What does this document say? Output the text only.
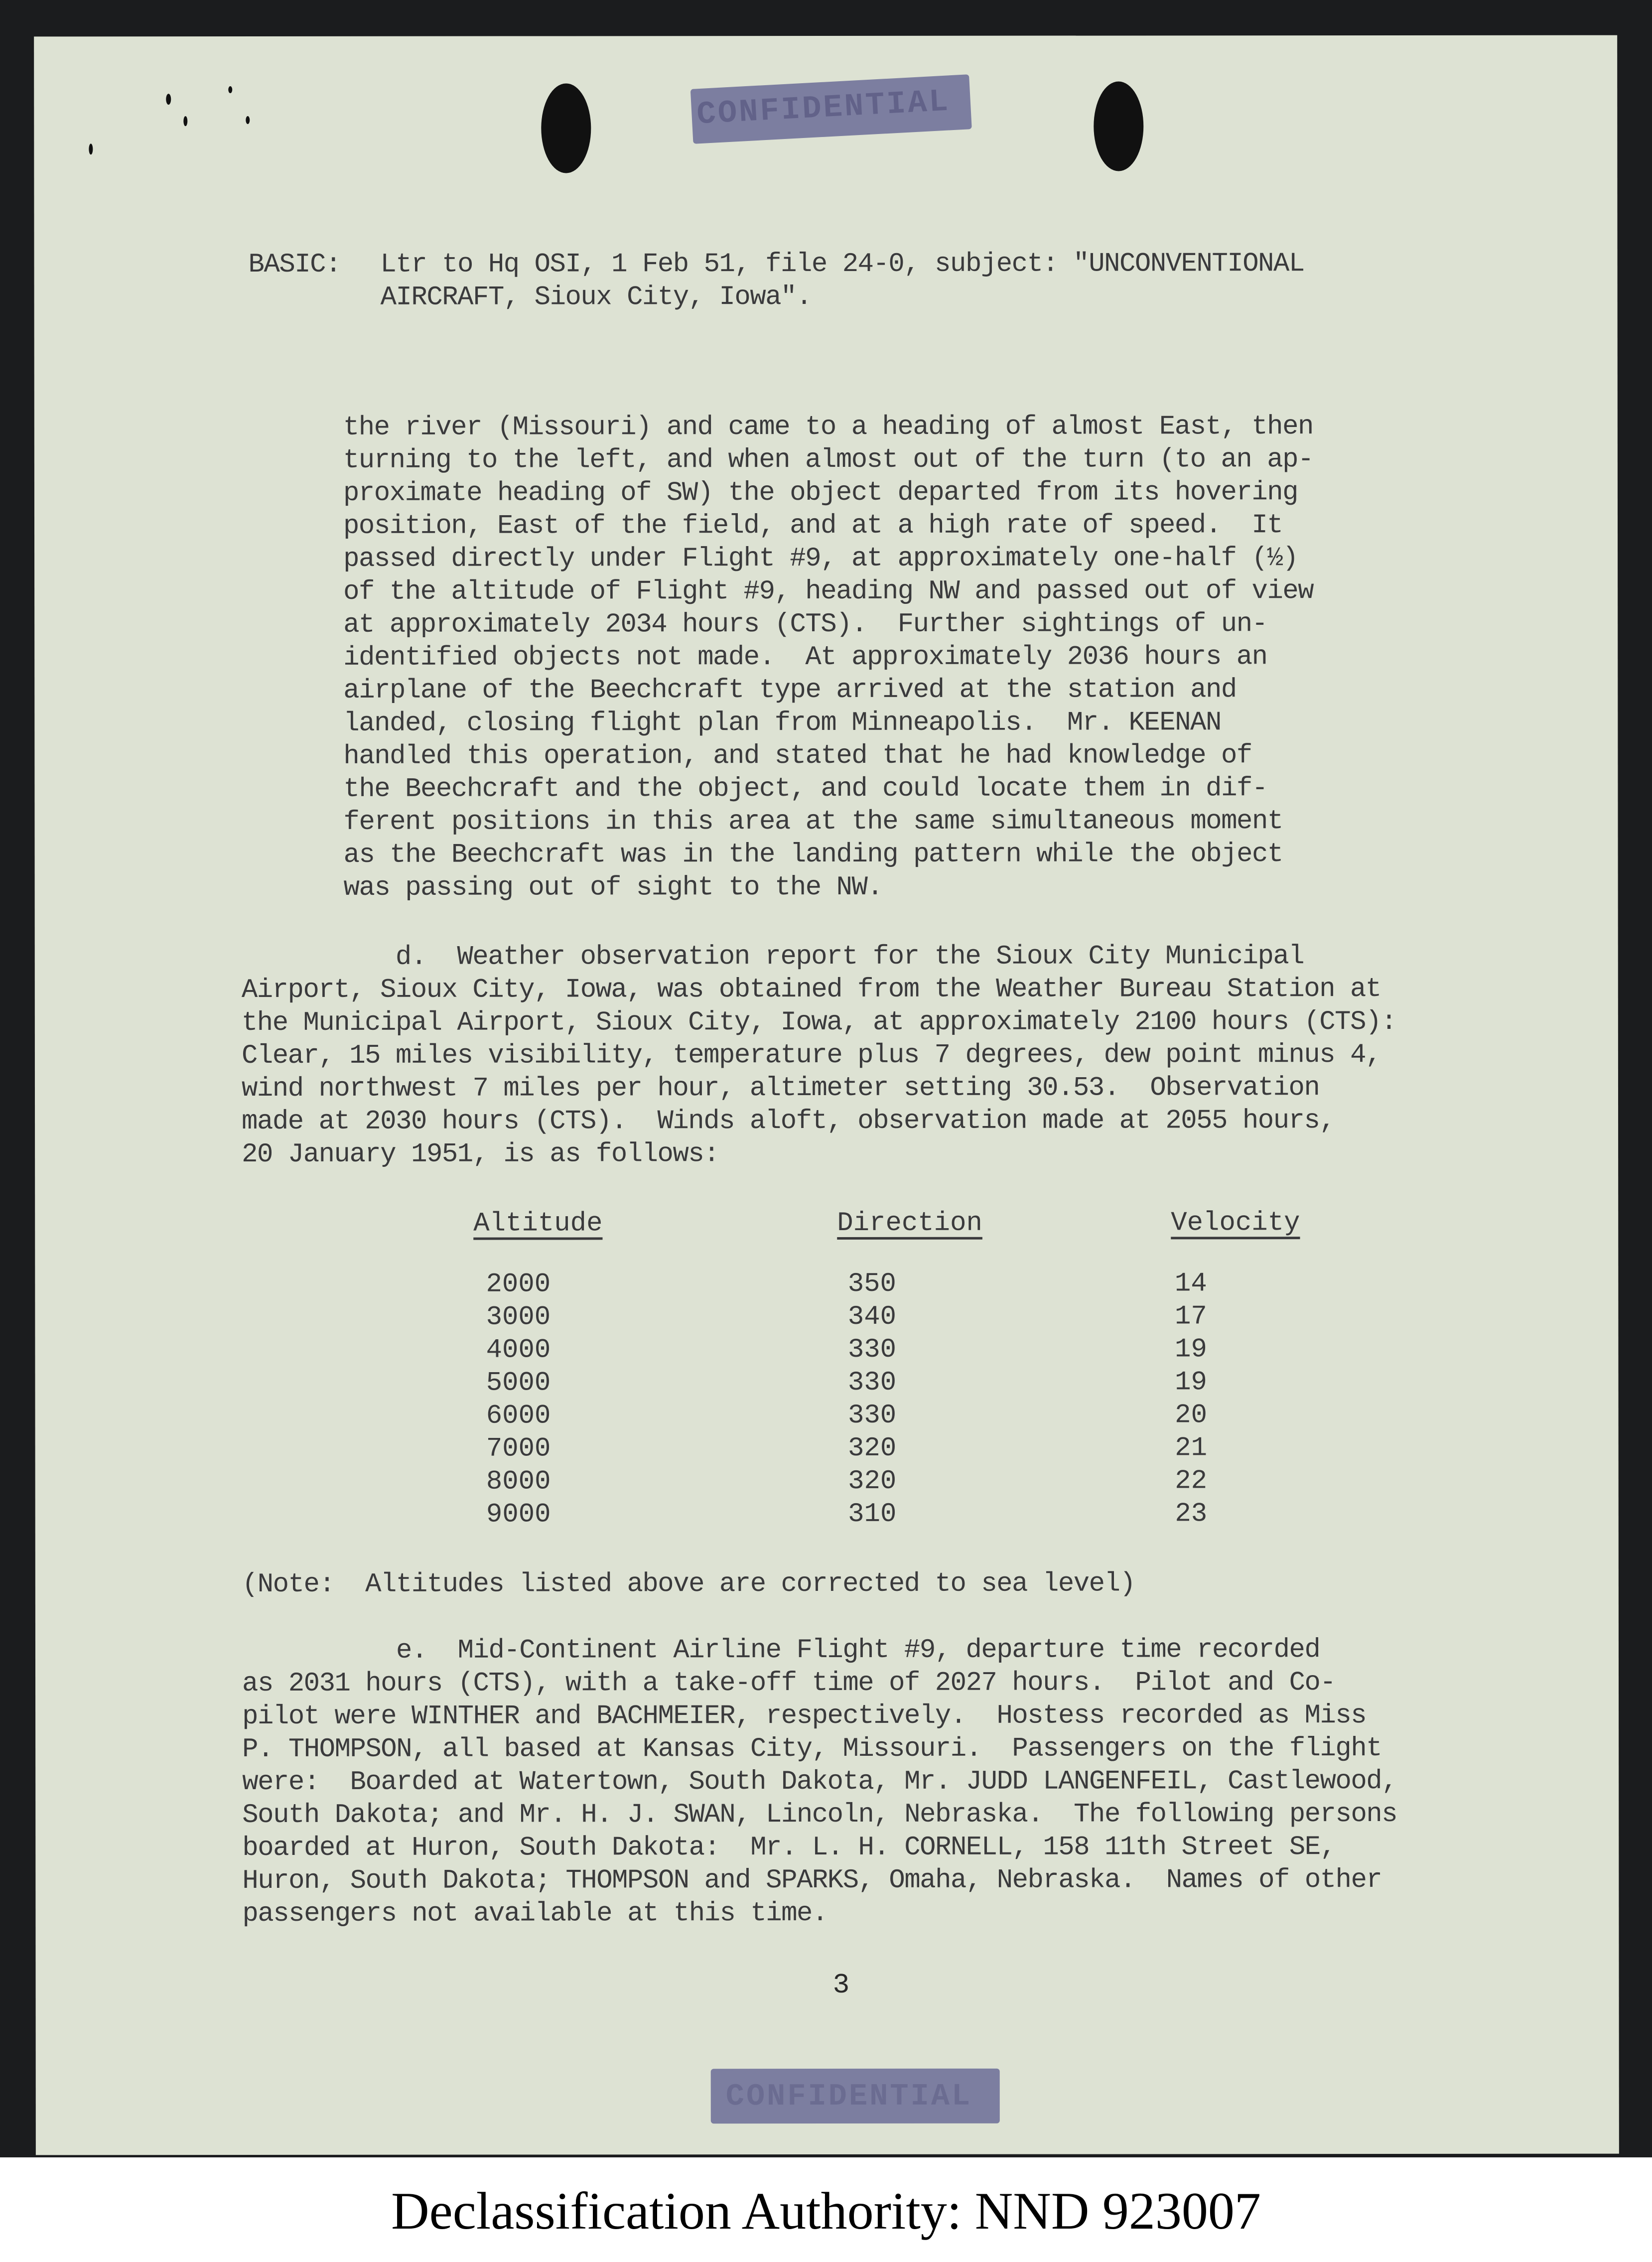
CONFIDENTIAL

BASIC:

Ltr to Hq OSI, 1 Feb 51, file 24-0, subject: "UNCONVENTIONAL

AIRCRAFT, Sioux City, Iowa".

the river (Missouri) and came to a heading of almost East, then
turning to the left, and when almost out of the turn (to an ap-
proximate heading of SW) the object departed from its hovering
position, East of the field, and at a high rate of speed.  It
passed directly under Flight #9, at approximately one-half (½)
of the altitude of Flight #9, heading NW and passed out of view
at approximately 2034 hours (CTS).  Further sightings of un-
identified objects not made.  At approximately 2036 hours an
airplane of the Beechcraft type arrived at the station and
landed, closing flight plan from Minneapolis.  Mr. KEENAN
handled this operation, and stated that he had knowledge of
the Beechcraft and the object, and could locate them in dif-
ferent positions in this area at the same simultaneous moment
as the Beechcraft was in the landing pattern while the object
was passing out of sight to the NW.
d.  Weather observation report for the Sioux City Municipal
Airport, Sioux City, Iowa, was obtained from the Weather Bureau Station at
the Municipal Airport, Sioux City, Iowa, at approximately 2100 hours (CTS):
Clear, 15 miles visibility, temperature plus 7 degrees, dew point minus 4,
wind northwest 7 miles per hour, altimeter setting 30.53.  Observation
made at 2030 hours (CTS).  Winds aloft, observation made at 2055 hours,
20 January 1951, is as follows:
Altitude	Direction	Velocity
2000	350	14
3000	340	17
4000	330	19
5000	330	19
6000	330	20
7000	320	21
8000	320	22
9000	310	23
(Note:  Altitudes listed above are corrected to sea level)
e.  Mid-Continent Airline Flight #9, departure time recorded
as 2031 hours (CTS), with a take-off time of 2027 hours.  Pilot and Co-
pilot were WINTHER and BACHMEIER, respectively.  Hostess recorded as Miss
P. THOMPSON, all based at Kansas City, Missouri.  Passengers on the flight
were:  Boarded at Watertown, South Dakota, Mr. JUDD LANGENFEIL, Castlewood,
South Dakota; and Mr. H. J. SWAN, Lincoln, Nebraska.  The following persons
boarded at Huron, South Dakota:  Mr. L. H. CORNELL, 158 11th Street SE,
Huron, South Dakota; THOMPSON and SPARKS, Omaha, Nebraska.  Names of other
passengers not available at this time.
3
CONFIDENTIAL
Declassification Authority: NND 923007
